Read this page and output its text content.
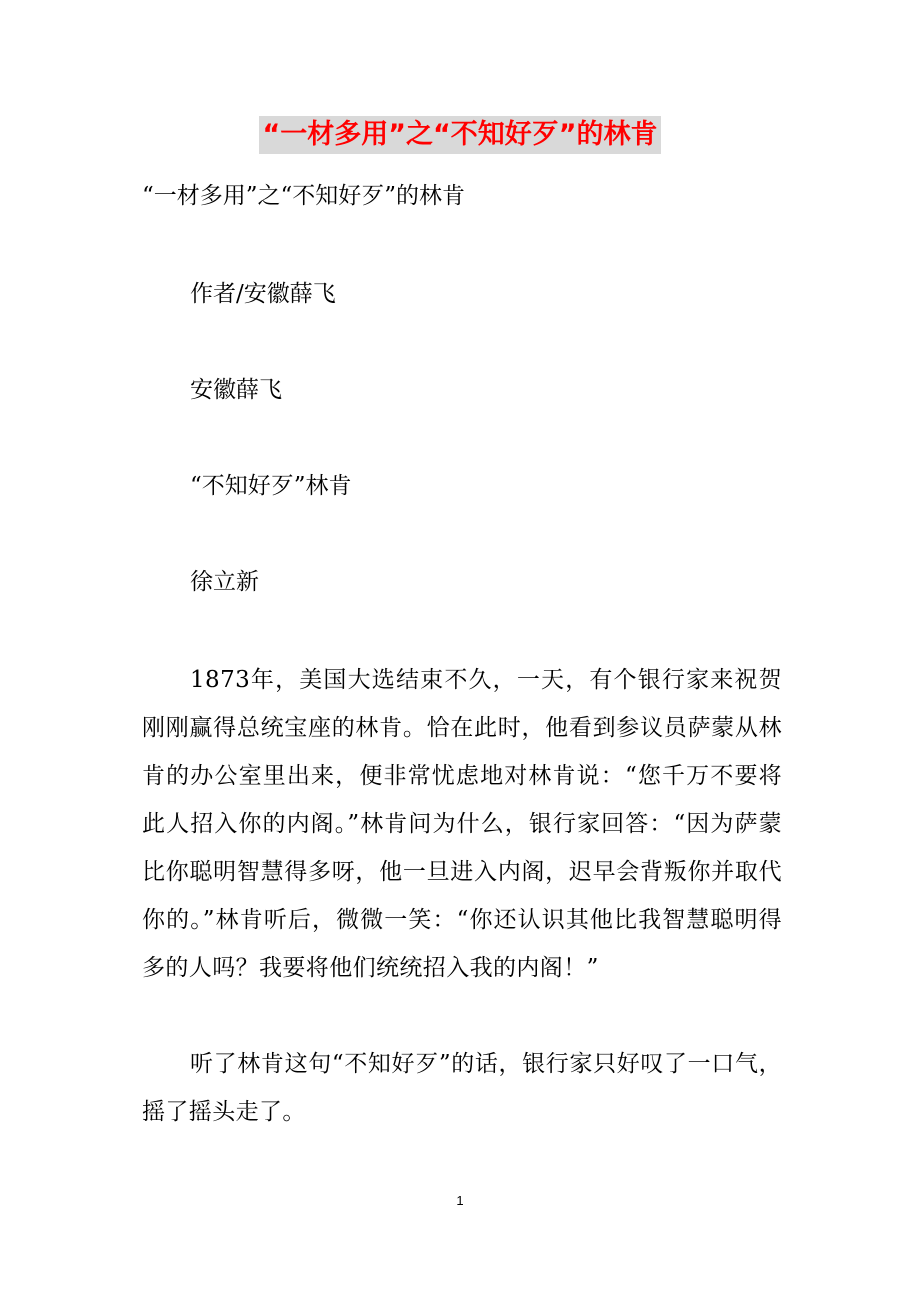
“一材多用”之“不知好歹”的林肯
“一材多用”之“不知好歹”的林肯
作者/安徽薛飞
安徽薛飞
“不知好歹”林肯
徐立新
1873年，美国大选结束不久，一天，有个银行家来祝贺刚刚赢得总统宝座的林肯。恰在此时，他看到参议员萨蒙从林肯的办公室里出来，便非常忧虑地对林肯说：“您千万不要将此人招入你的内阁。”林肯问为什么，银行家回答：“因为萨蒙比你聪明智慧得多呀，他一旦进入内阁，迟早会背叛你并取代你的。”林肯听后，微微一笑：“你还认识其他比我智慧聪明得多的人吗？我要将他们统统招入我的内阁！”
听了林肯这句“不知好歹”的话，银行家只好叹了一口气，摇了摇头走了。
1
